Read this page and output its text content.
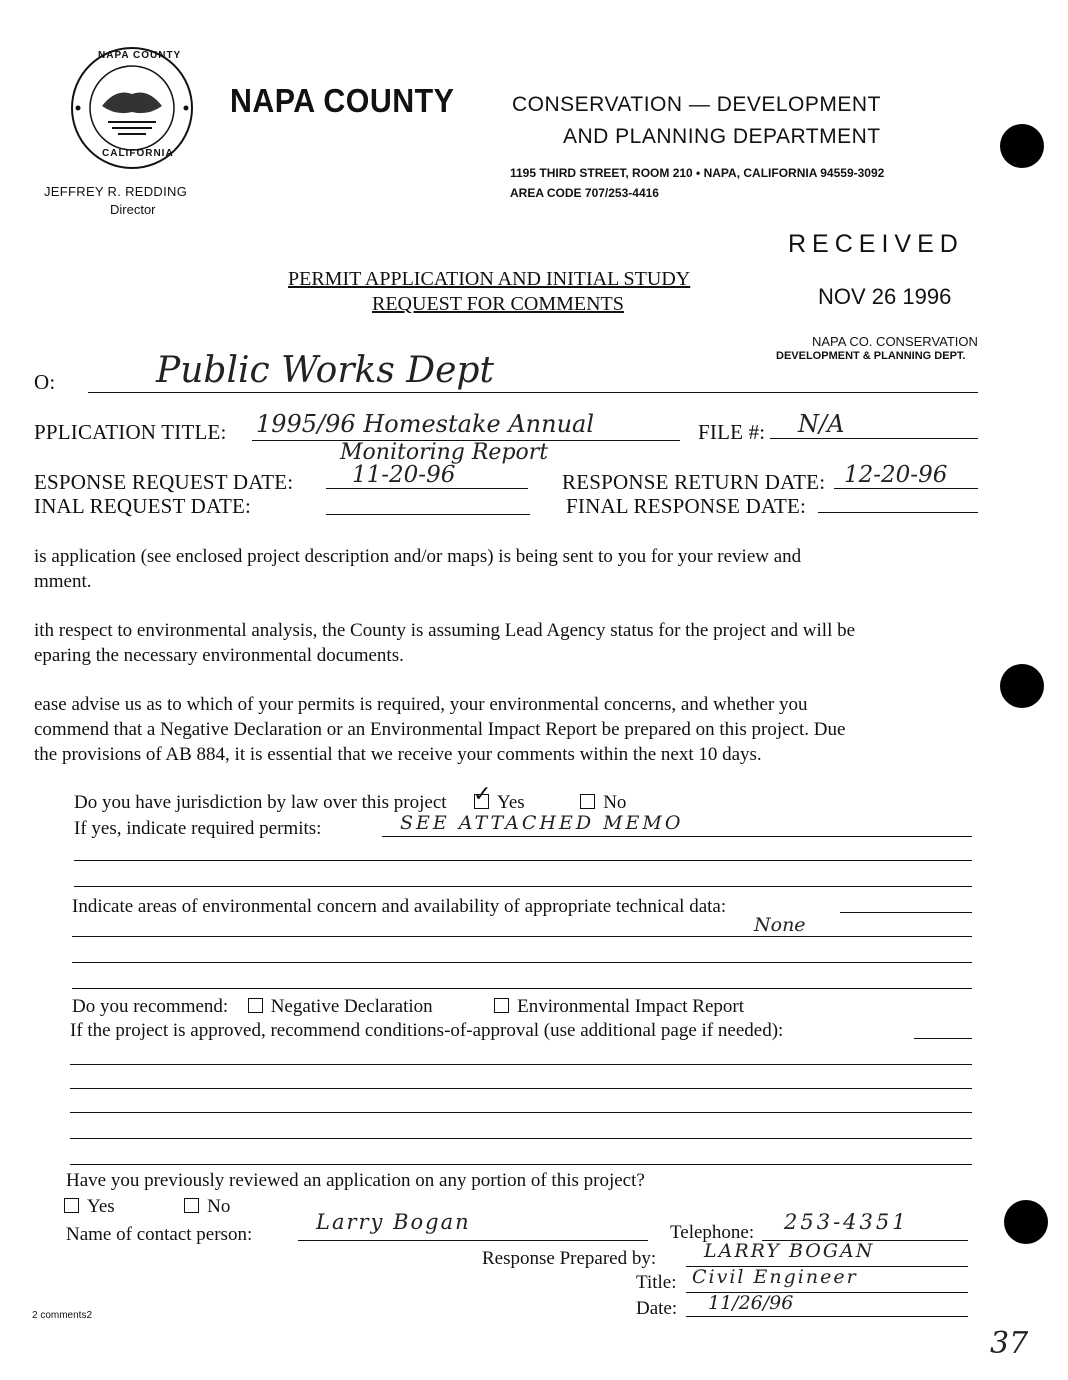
NAPA COUNTY
CALIFORNIA
NAPA COUNTY	CONSERVATION — DEVELOPMENT
AND PLANNING DEPARTMENT
1195 THIRD STREET, ROOM 210 • NAPA, CALIFORNIA 94559-3092
AREA CODE 707/253-4416
JEFFREY R. REDDING
Director
RECEIVED
NOV 26 1996
NAPA CO. CONSERVATION
DEVELOPMENT & PLANNING DEPT.
PERMIT APPLICATION AND INITIAL STUDY
REQUEST FOR COMMENTS
O:	Public Works Dept
PPLICATION TITLE: 1995/96 Homestake Annual
Monitoring Report
FILE #: N/A
ESPONSE REQUEST DATE:	11-20-96	RESPONSE RETURN DATE: 12-20-96
INAL REQUEST DATE:	FINAL RESPONSE DATE:
is application (see enclosed project description and/or maps) is being sent to you for your review and
mment.
ith respect to environmental analysis, the County is assuming Lead Agency status for the project and will be
eparing the necessary environmental documents.
ease advise us as to which of your permits is required, your environmental concerns, and whether you
commend that a Negative Declaration or an Environmental Impact Report be prepared on this project. Due
the provisions of AB 884, it is essential that we receive your comments within the next 10 days.
Do you have jurisdiction by law over this project ✓ Yes	No
If yes, indicate required permits:	SEE ATTACHED MEMO
Indicate areas of environmental concern and availability of appropriate technical data:
None
Do you recommend: Negative Declaration	Environmental Impact Report
If the project is approved, recommend conditions-of-approval (use additional page if needed):
Have you previously reviewed an application on any portion of this project?
Yes	No
Name of contact person:
Larry Bogan	Telephone: 253-4351
Response Prepared by:	LARRY BOGAN
Title: Civil Engineer
Date: 11/26/96
2 comments2
37
